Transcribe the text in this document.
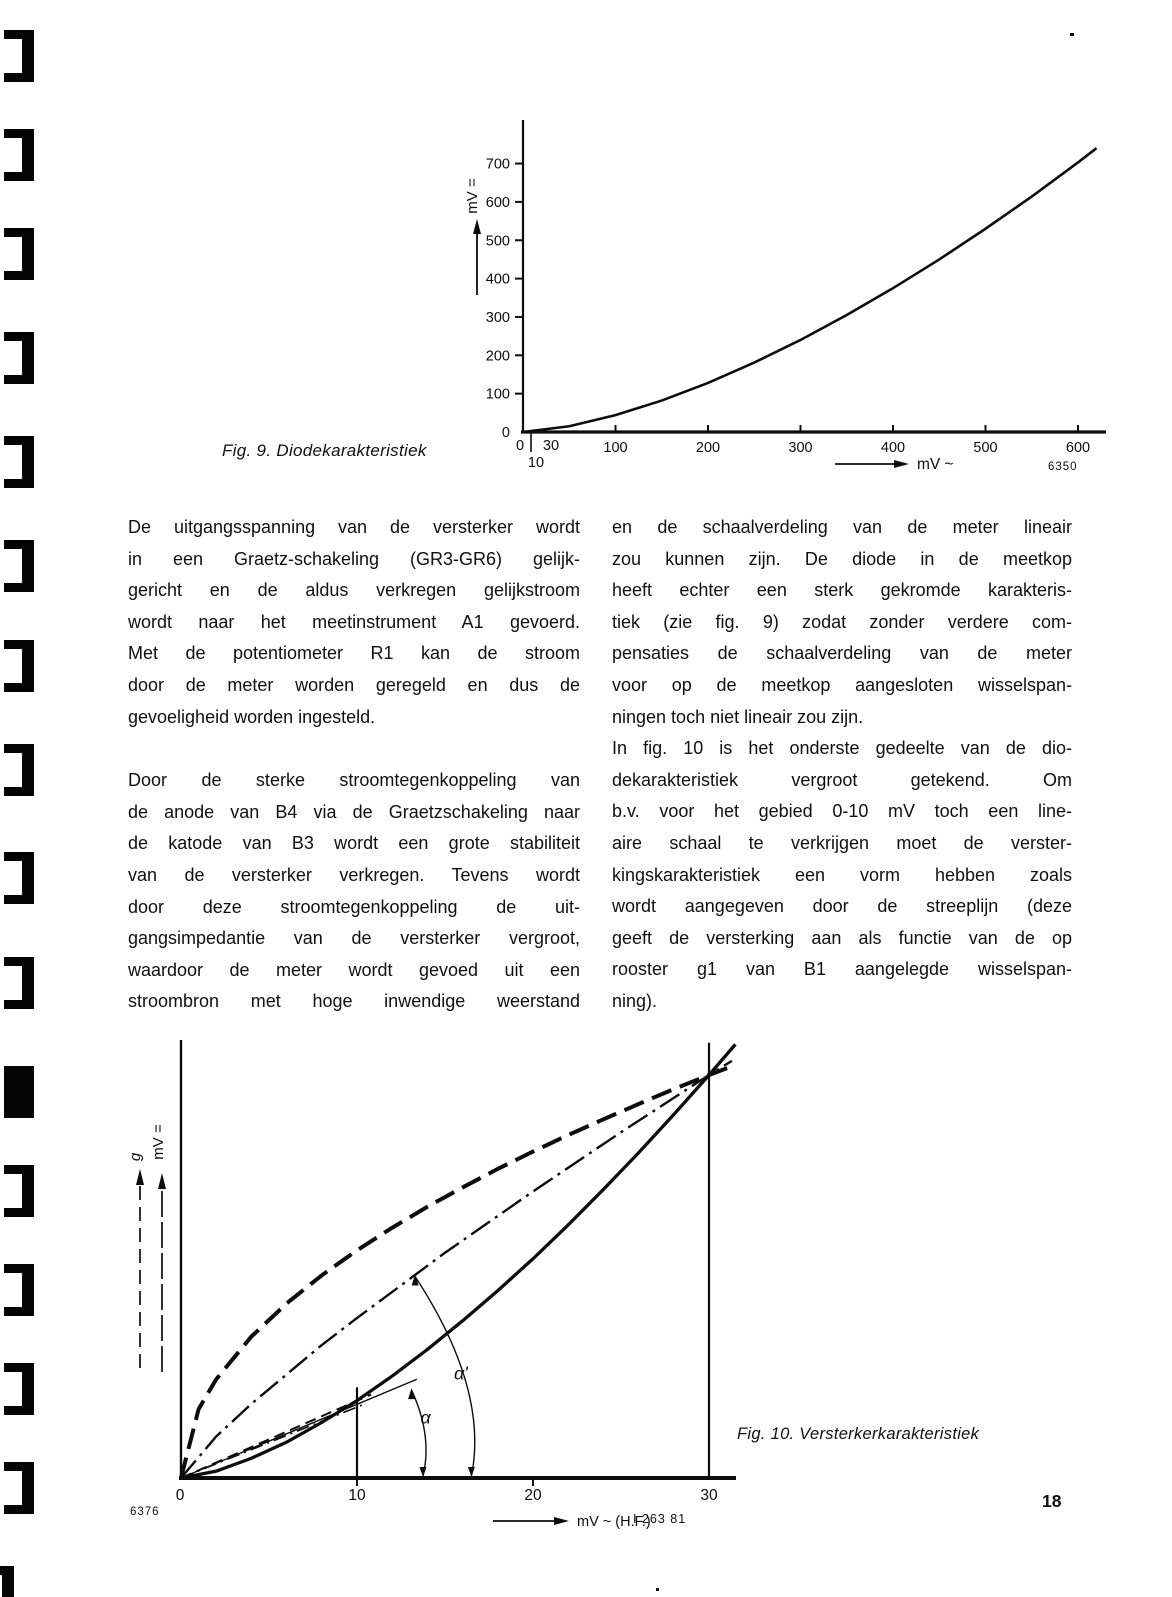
Fig. 9. Diodekarakteristiek
100
200
300
400
500
600
700
0
100	200	300	400	500	600
0 30
10
mV =
mV ~	6350
De uitgangsspanning van de versterker wordt
in een Graetz-schakeling (GR3-GR6) gelijk-
gericht en de aldus verkregen gelijkstroom
wordt naar het meetinstrument A1 gevoerd.
Met de potentiometer R1 kan de stroom
door de meter worden geregeld en dus de
gevoeligheid worden ingesteld.
Door de sterke stroomtegenkoppeling van
de anode van B4 via de Graetzschakeling naar
de katode van B3 wordt een grote stabiliteit
van de versterker verkregen. Tevens wordt
door deze stroomtegenkoppeling de uit-
gangsimpedantie van de versterker vergroot,
waardoor de meter wordt gevoed uit een
stroombron met hoge inwendige weerstand
en de schaalverdeling van de meter lineair
zou kunnen zijn. De diode in de meetkop
heeft echter een sterk gekromde karakteris-
tiek (zie fig. 9) zodat zonder verdere com-
pensaties de schaalverdeling van de meter
voor op de meetkop aangesloten wisselspan-
ningen toch niet lineair zou zijn.
In fig. 10 is het onderste gedeelte van de dio-
dekarakteristiek vergroot getekend. Om
b.v. voor het gebied 0-10 mV toch een line-
aire schaal te verkrijgen moet de verster-
kingskarakteristiek een vorm hebben zoals
wordt aangegeven door de streeplijn (deze
geeft de versterking aan als functie van de op
rooster g1 van B1 aangelegde wisselspan-
ning).
0	10	20	30
α
α'
g mV =
mV ~ (H.F.)
Fig. 10. Versterkerkarakteristiek
6376	I 263 81
18
